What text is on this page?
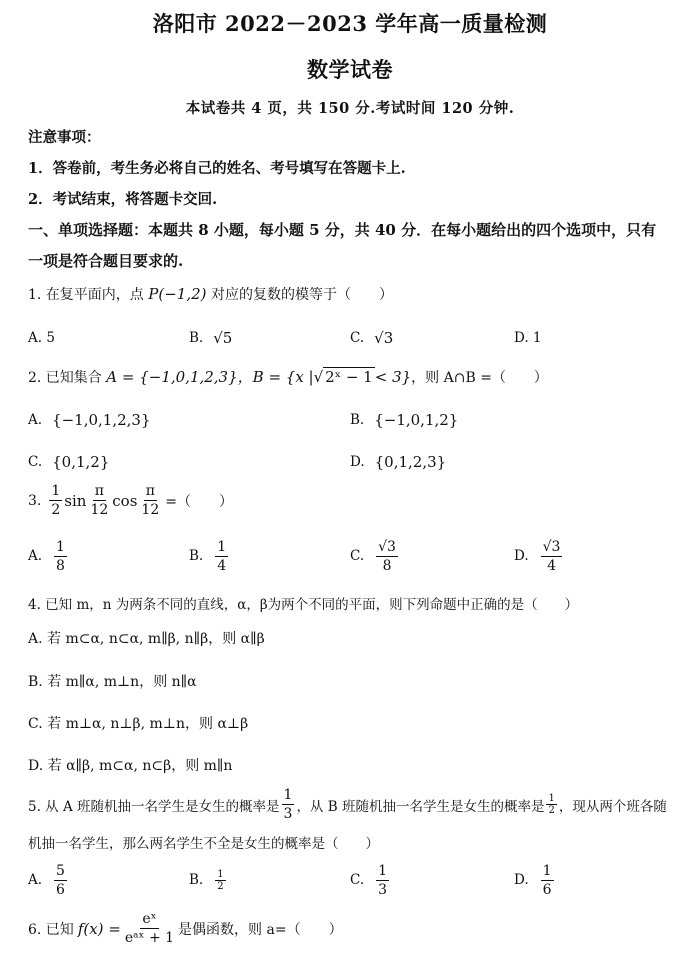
洛阳市 2022－2023 学年高一质量检测
数学试卷
本试卷共 4 页，共 150 分.考试时间 120 分钟.
注意事项：
1．答卷前，考生务必将自己的姓名、考号填写在答题卡上.
2．考试结束，将答题卡交回.
一、单项选择题：本题共 8 小题，每小题 5 分，共 40 分．在每小题给出的四个选项中，只有
一项是符合题目要求的.
1. 在复平面内，点 P(−1,2) 对应的复数的模等于（　　）
A. 5	B. √5	C. √3	D. 1
2. 已知集合 A = {−1,0,1,2,3}，B = {x |√ 2ˣ − 1 < 3}，则 A∩B =（　　）
A. {−1,0,1,2,3}	B. {−1,0,1,2}
C. {0,1,2}	D. {0,1,2,3}
3. $\frac{1}{2}$ $\sin \frac{\pi}{12}$ $\cos \frac{\pi}{12}$ =（　　）
A. $\frac{1}{8}$	B. $\frac{1}{4}$	C. $\frac{√3}{8}$	D. $\frac{√3}{4}$
4. 已知 m，n 为两条不同的直线，α，β为两个不同的平面，则下列命题中正确的是（　　）
A. 若 m⊂α, n⊂α, m∥β, n∥β，则 α∥β
B. 若 m∥α, m⊥n，则 n∥α
C. 若 m⊥α, n⊥β, m⊥n，则 α⊥β
D. 若 α∥β, m⊂α, n⊂β，则 m∥n
5. 从 A 班随机抽一名学生是女生的概率是 $\frac{1}{3}$ ，从 B 班随机抽一名学生是女生的概率是 $\frac{1}{2}$ ，现从两个班各随
机抽一名学生，那么两名学生不全是女生的概率是（　　）
A. $\frac{5}{6}$	B. $\frac{1}{2}$	C. $\frac{1}{3}$	D. $\frac{1}{6}$
6. 已知 $f(x) = \frac{\text{eˣ}}{\text{eᵃˣ + 1}}$ 是偶函数，则 a=（　　）
